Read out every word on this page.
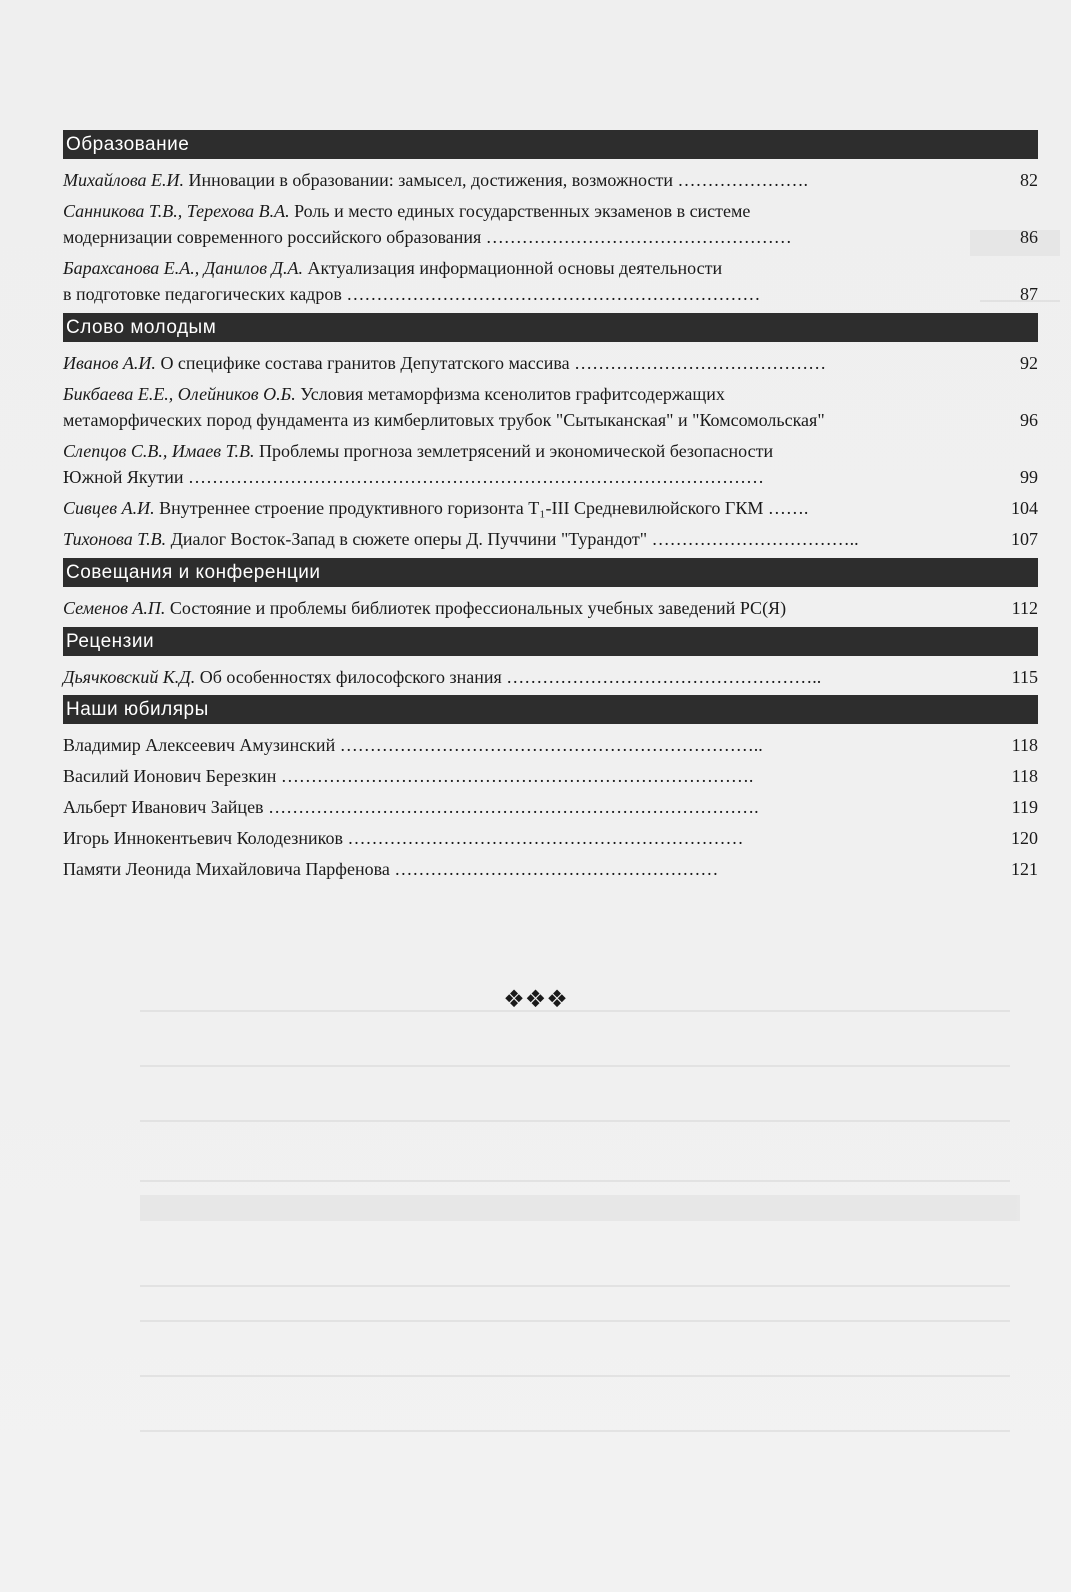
Образование
Михайлова Е.И. Инновации в образовании: замысел, достижения, возможности ………………….	82
Санникова Т.В., Терехова В.А. Роль и место единых государственных экзаменов в системе
модернизации современного российского образования ……………………………………………	86
Барахсанова Е.А., Данилов Д.А. Актуализация информационной основы деятельности
в подготовке педагогических кадров ……………………………………………………………	87
Слово молодым
Иванов А.И. О специфике состава гранитов Депутатского массива ……………………………………	92
Бикбаева Е.Е., Олейников О.Б. Условия метаморфизма ксенолитов графитсодержащих
метаморфических пород фундамента из кимберлитовых трубок "Сытыканская" и "Комсомольская"	96
Слепцов С.В., Имаев Т.В. Проблемы прогноза землетрясений и экономической безопасности
Южной Якутии ……………………………………………………………………………………	99
Сивцев А.И. Внутреннее строение продуктивного горизонта Т₁-III Средневилюйского ГКМ …….	104
Тихонова Т.В. Диалог Восток-Запад в сюжете оперы Д. Пуччини "Турандот" ……………………………..	107
Совещания и конференции
Семенов А.П. Состояние и проблемы библиотек профессиональных учебных заведений РС(Я)	112
Рецензии
Дьячковский К.Д. Об особенностях философского знания ……………………………………………..	115
Наши юбиляры
Владимир Алексеевич Амузинский ……………………………………………………………..	118
Василий Ионович Березкин …………………………………………………………………….	118
Альберт Иванович Зайцев ……………………………………………………………………….	119
Игорь Иннокентьевич Колодезников …………………………………………………………	120
Памяти Леонида Михайловича Парфенова ………………………………………………	121
❖❖❖
